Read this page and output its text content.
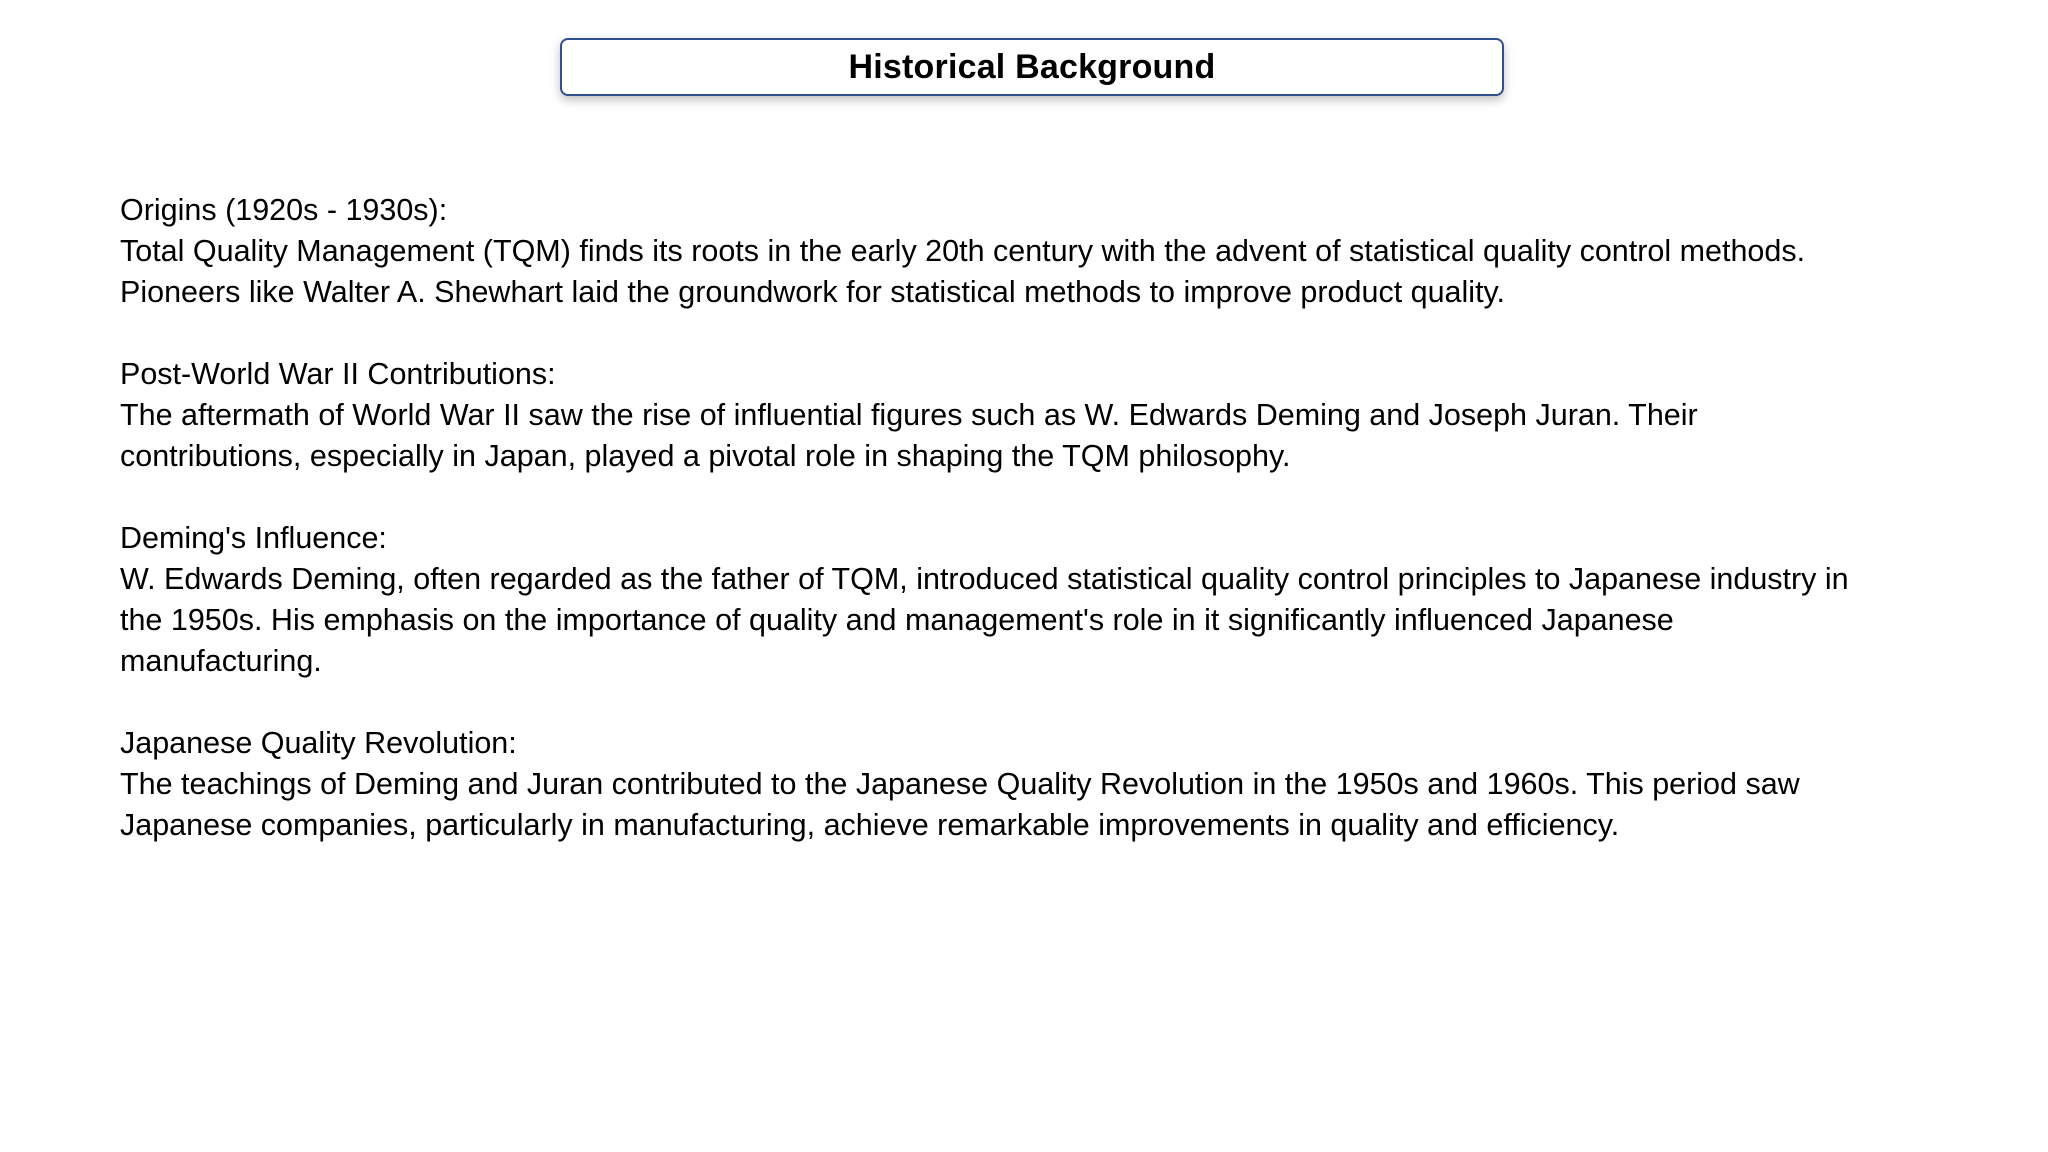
Historical Background
Origins (1920s - 1930s):
Total Quality Management (TQM) finds its roots in the early 20th century with the advent of statistical quality control methods. Pioneers like Walter A. Shewhart laid the groundwork for statistical methods to improve product quality.
Post-World War II Contributions:
The aftermath of World War II saw the rise of influential figures such as W. Edwards Deming and Joseph Juran. Their contributions, especially in Japan, played a pivotal role in shaping the TQM philosophy.
Deming's Influence:
W. Edwards Deming, often regarded as the father of TQM, introduced statistical quality control principles to Japanese industry in the 1950s. His emphasis on the importance of quality and management's role in it significantly influenced Japanese manufacturing.
Japanese Quality Revolution:
The teachings of Deming and Juran contributed to the Japanese Quality Revolution in the 1950s and 1960s. This period saw Japanese companies, particularly in manufacturing, achieve remarkable improvements in quality and efficiency.
